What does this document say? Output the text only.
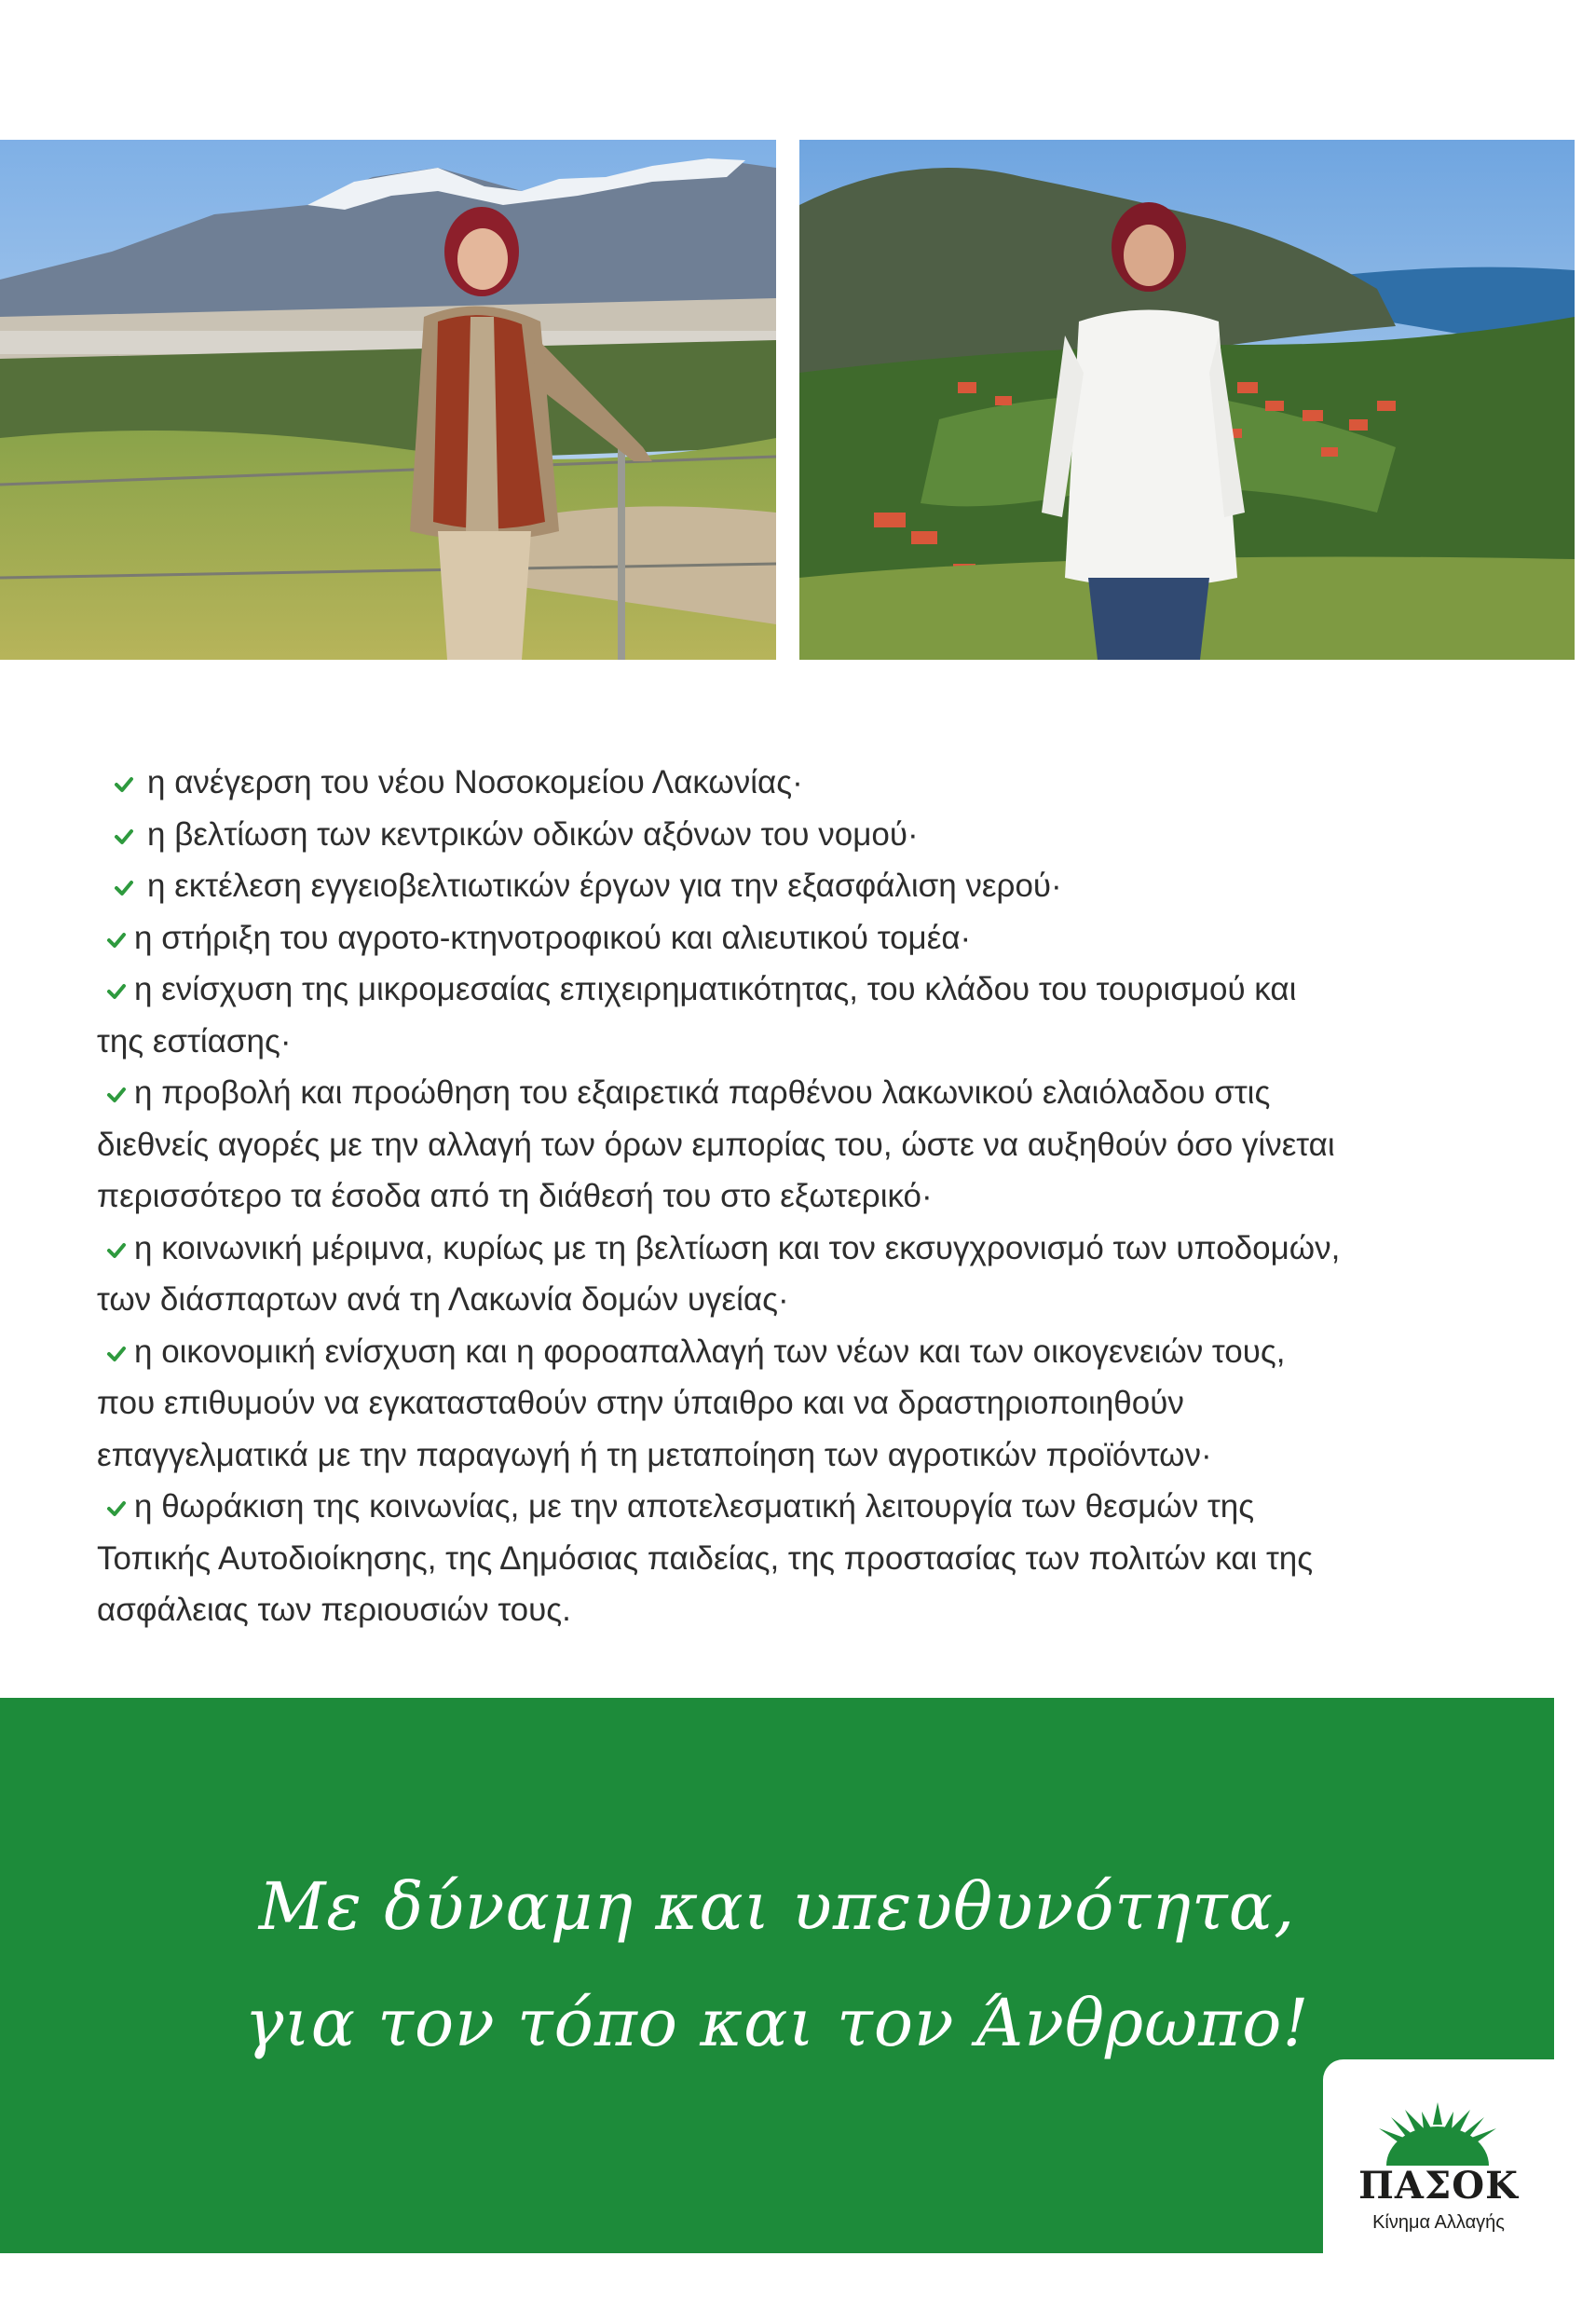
η ανέγερση του νέου Νοσοκομείου Λακωνίας·
η βελτίωση των κεντρικών οδικών αξόνων του νομού·
η εκτέλεση εγγειοβελτιωτικών έργων για την εξασφάλιση νερού·
η στήριξη του αγροτο-κτηνοτροφικού και αλιευτικού τομέα·
η ενίσχυση της μικρομεσαίας επιχειρηματικότητας, του κλάδου του τουρισμού και
της εστίασης·
η προβολή και προώθηση του εξαιρετικά παρθένου λακωνικού ελαιόλαδου στις
διεθνείς αγορές με την αλλαγή των όρων εμπορίας του, ώστε να αυξηθούν όσο γίνεται
περισσότερο τα έσοδα από τη διάθεσή του στο εξωτερικό·
η κοινωνική μέριμνα, κυρίως με τη βελτίωση και τον εκσυγχρονισμό των υποδομών,
των διάσπαρτων ανά τη Λακωνία δομών υγείας·
η οικονομική ενίσχυση και η φοροαπαλλαγή των νέων και των οικογενειών τους,
που επιθυμούν να εγκατασταθούν στην ύπαιθρο και να δραστηριοποιηθούν
επαγγελματικά με την παραγωγή ή τη μεταποίηση των αγροτικών προϊόντων·
η θωράκιση της κοινωνίας, με την αποτελεσματική λειτουργία των θεσμών της
Τοπικής Αυτοδιοίκησης, της Δημόσιας παιδείας, της προστασίας των πολιτών και της
ασφάλειας των περιουσιών τους.
Με δύναμη και υπευθυνότητα,
για τον τόπο και τον Άνθρωπο!
ΠΑΣΟΚ
Κίνημα Αλλαγής
